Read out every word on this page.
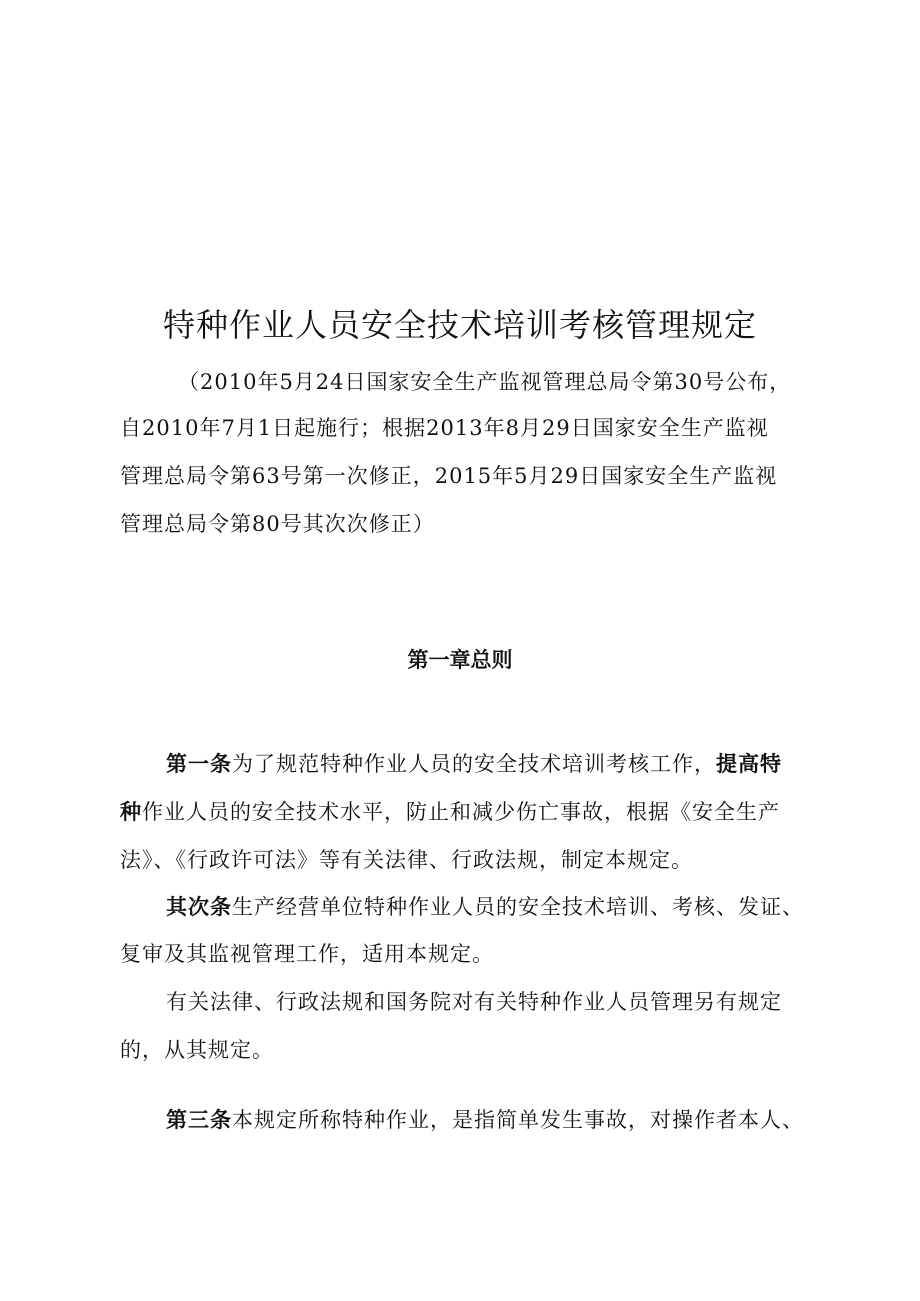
特种作业人员安全技术培训考核管理规定
（2010年5月24日国家安全生产监视管理总局令第30号公布，
自2010年7月1日起施行；根据2013年8月29日国家安全生产监视
管理总局令第63号第一次修正，2015年5月29日国家安全生产监视
管理总局令第80号其次次修正）
第一章总则
第一条为了规范特种作业人员的安全技术培训考核工作，提高特
种作业人员的安全技术水平，防止和减少伤亡事故，根据《安全生产
法》、《行政许可法》等有关法律、行政法规，制定本规定。
其次条生产经营单位特种作业人员的安全技术培训、考核、发证、
复审及其监视管理工作，适用本规定。
有关法律、行政法规和国务院对有关特种作业人员管理另有规定
的，从其规定。
第三条本规定所称特种作业，是指简单发生事故，对操作者本人、
